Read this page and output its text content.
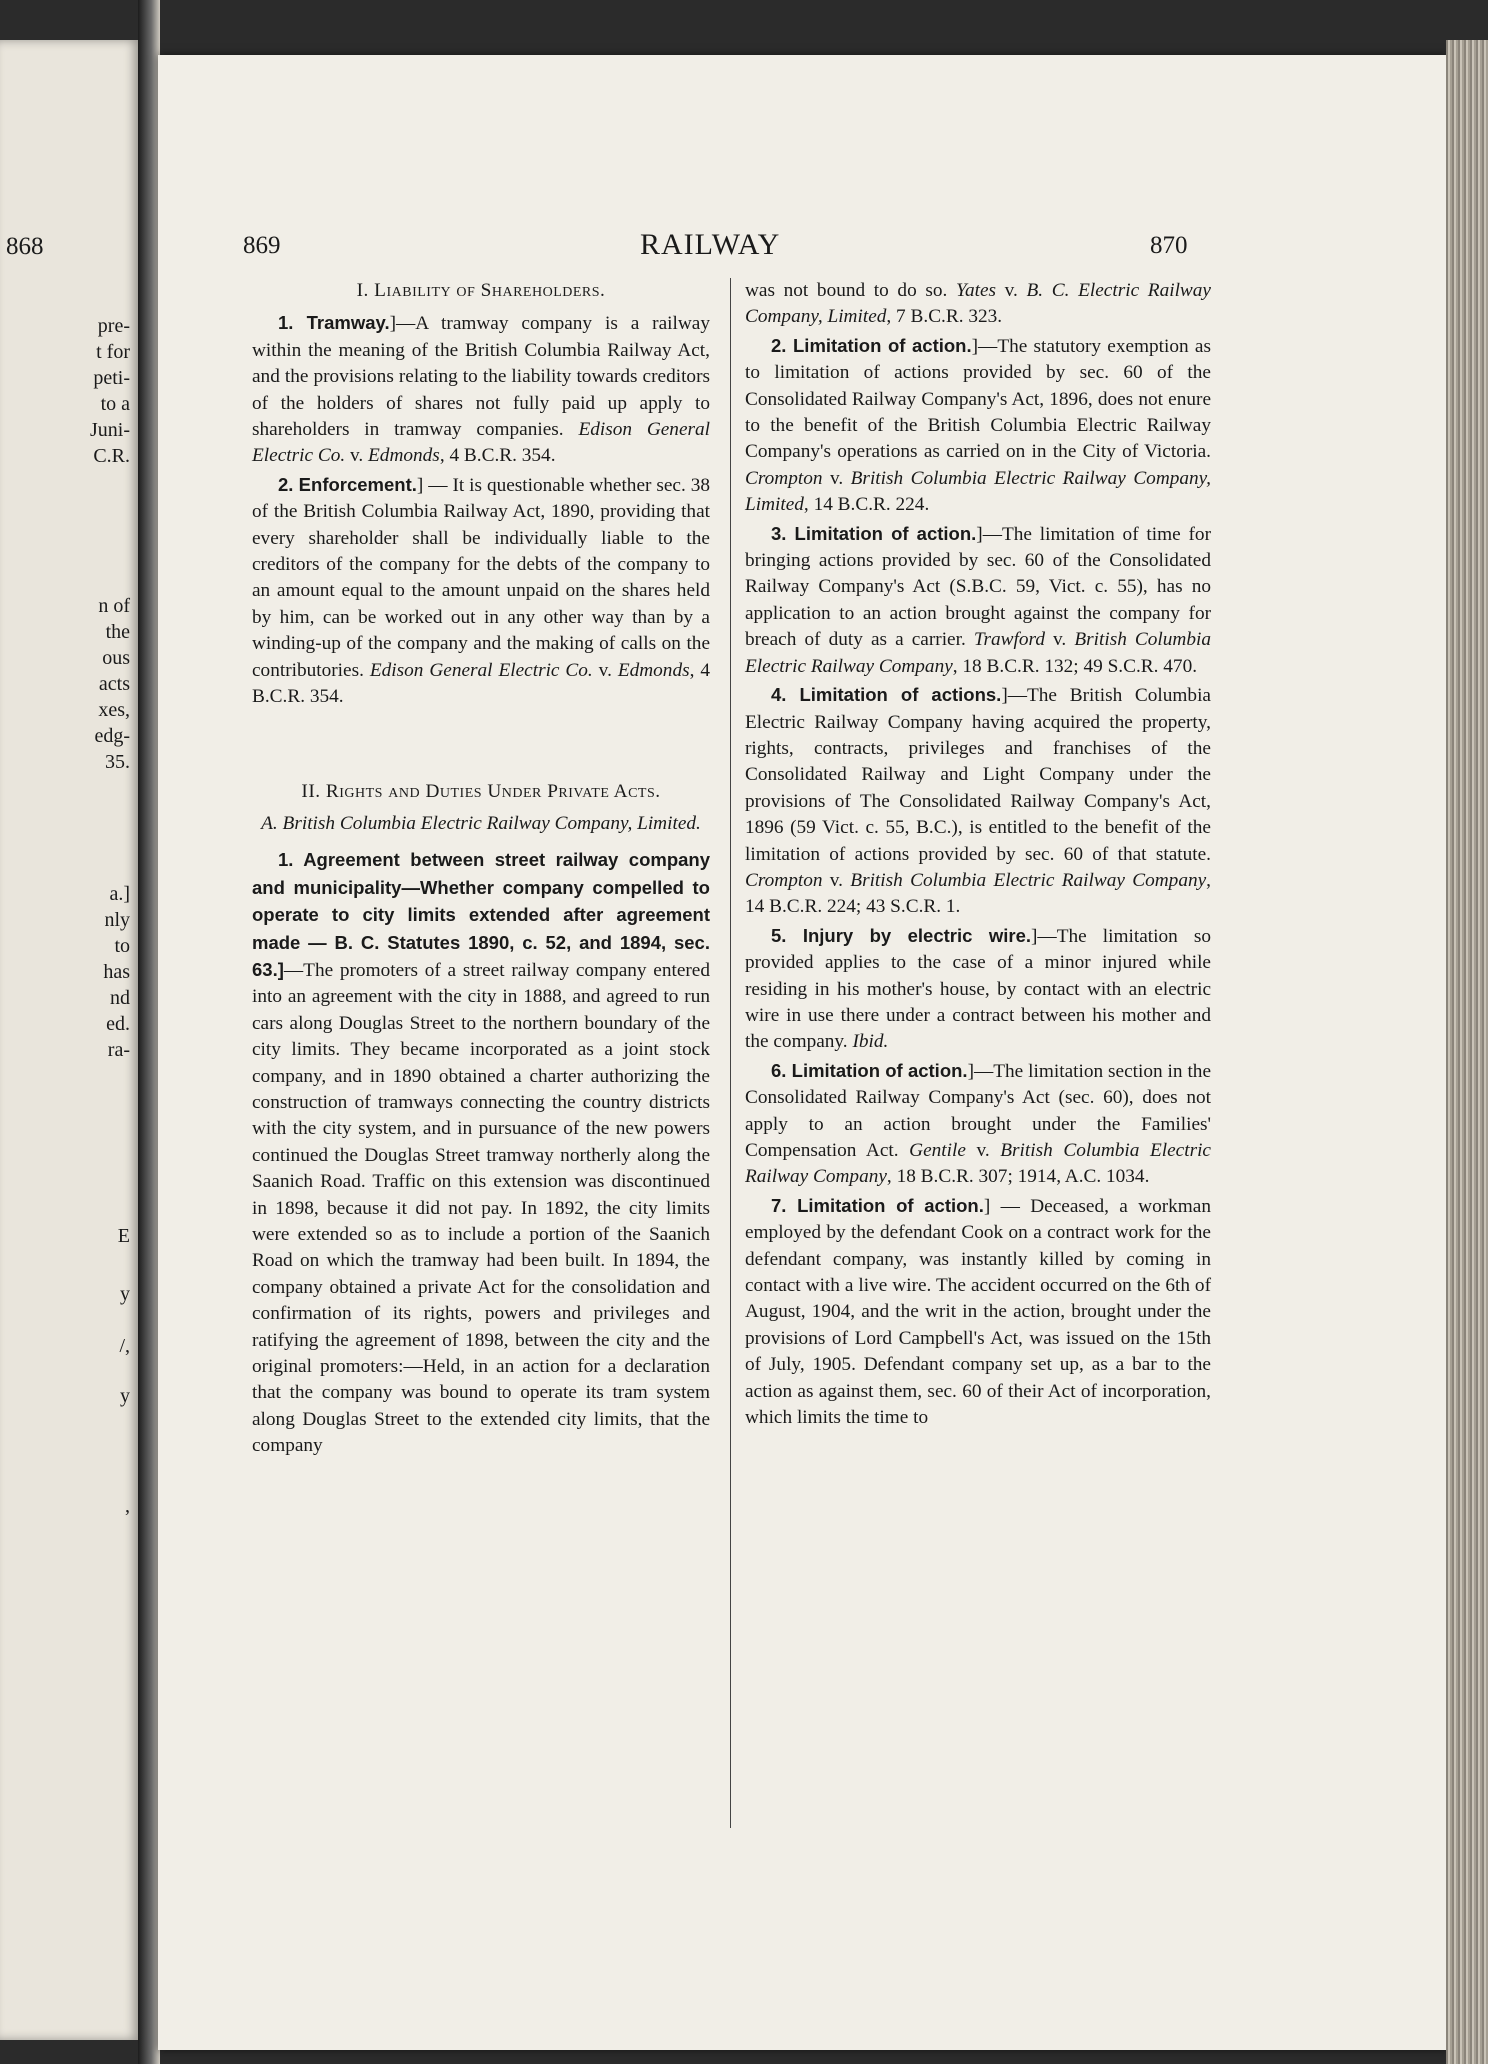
868
pre-
t for
peti-
to a
Juni-
C.R.
n of
the
ous
acts
xes,
edg-
35.
a.]
nly
to
has
nd
ed.
ra-
E
y
/,
y
,
869	RAILWAY	870
I. Liability of Shareholders.

1. Tramway.]—A tramway company is a railway within the meaning of the British Columbia Railway Act, and the provisions relating to the liability towards creditors of the holders of shares not fully paid up apply to shareholders in tramway companies. Edison General Electric Co. v. Edmonds, 4 B.C.R. 354.

2. Enforcement.] — It is questionable whether sec. 38 of the British Columbia Railway Act, 1890, providing that every shareholder shall be individually liable to the creditors of the company for the debts of the company to an amount equal to the amount unpaid on the shares held by him, can be worked out in any other way than by a winding-up of the company and the making of calls on the contributories. Edison General Electric Co. v. Edmonds, 4 B.C.R. 354.

II. Rights and Duties Under Private Acts.
A. British Columbia Electric Railway Company, Limited.

1. Agreement between street railway company and municipality—Whether company compelled to operate to city limits extended after agreement made — B. C. Statutes 1890, c. 52, and 1894, sec. 63.]—The promoters of a street railway company entered into an agreement with the city in 1888, and agreed to run cars along Douglas Street to the northern boundary of the city limits. They became incorporated as a joint stock company, and in 1890 obtained a charter authorizing the construction of tramways connecting the country districts with the city system, and in pursuance of the new powers continued the Douglas Street tramway northerly along the Saanich Road. Traffic on this extension was discontinued in 1898, because it did not pay. In 1892, the city limits were extended so as to include a portion of the Saanich Road on which the tramway had been built. In 1894, the company obtained a private Act for the consolidation and confirmation of its rights, powers and privileges and ratifying the agreement of 1898, between the city and the original promoters:—Held, in an action for a declaration that the company was bound to operate its tram system along Douglas Street to the extended city limits, that the company

was not bound to do so. Yates v. B. C. Electric Railway Company, Limited, 7 B.C.R. 323.

2. Limitation of action.]—The statutory exemption as to limitation of actions provided by sec. 60 of the Consolidated Railway Company's Act, 1896, does not enure to the benefit of the British Columbia Electric Railway Company's operations as carried on in the City of Victoria. Crompton v. British Columbia Electric Railway Company, Limited, 14 B.C.R. 224.

3. Limitation of action.]—The limitation of time for bringing actions provided by sec. 60 of the Consolidated Railway Company's Act (S.B.C. 59, Vict. c. 55), has no application to an action brought against the company for breach of duty as a carrier. Trawford v. British Columbia Electric Railway Company, 18 B.C.R. 132; 49 S.C.R. 470.

4. Limitation of actions.]—The British Columbia Electric Railway Company having acquired the property, rights, contracts, privileges and franchises of the Consolidated Railway and Light Company under the provisions of The Consolidated Railway Company's Act, 1896 (59 Vict. c. 55, B.C.), is entitled to the benefit of the limitation of actions provided by sec. 60 of that statute. Crompton v. British Columbia Electric Railway Company, 14 B.C.R. 224; 43 S.C.R. 1.

5. Injury by electric wire.]—The limitation so provided applies to the case of a minor injured while residing in his mother's house, by contact with an electric wire in use there under a contract between his mother and the company. Ibid.

6. Limitation of action.]—The limitation section in the Consolidated Railway Company's Act (sec. 60), does not apply to an action brought under the Families' Compensation Act. Gentile v. British Columbia Electric Railway Company, 18 B.C.R. 307; 1914, A.C. 1034.

7. Limitation of action.] — Deceased, a workman employed by the defendant Cook on a contract work for the defendant company, was instantly killed by coming in contact with a live wire. The accident occurred on the 6th of August, 1904, and the writ in the action, brought under the provisions of Lord Campbell's Act, was issued on the 15th of July, 1905. Defendant company set up, as a bar to the action as against them, sec. 60 of their Act of incorporation, which limits the time to
